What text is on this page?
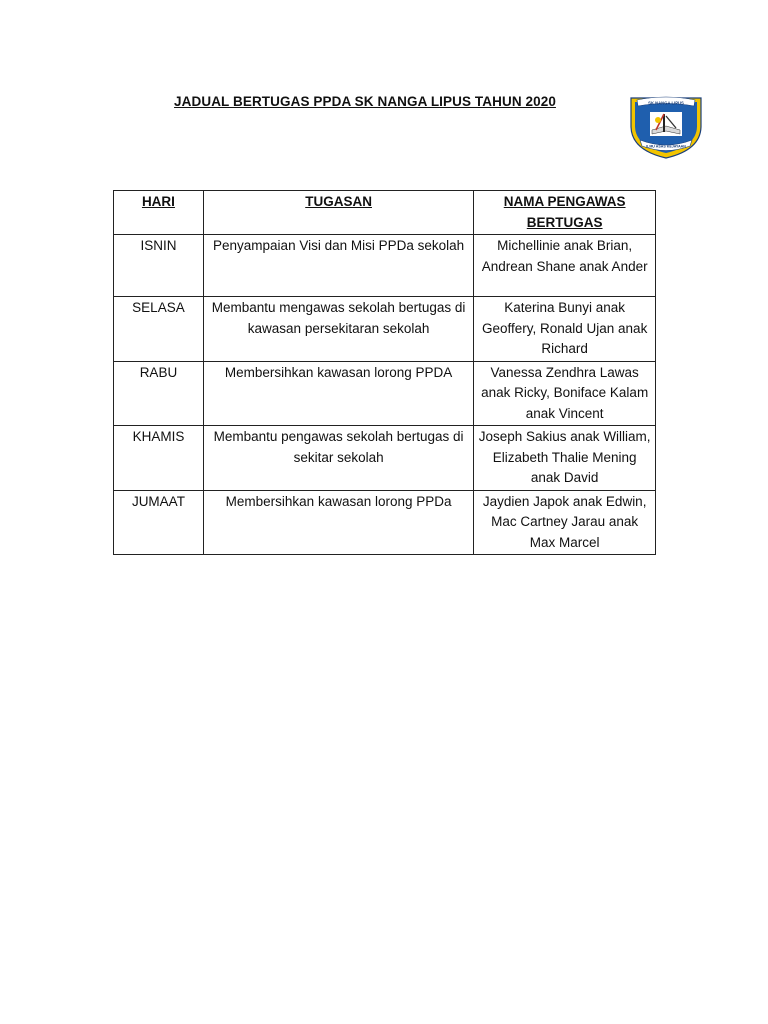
JADUAL BERTUGAS PPDA SK NANGA LIPUS TAHUN 2020	SK NANGA LIPUS
ILMU ASAS KEJAYAAN
HARI	TUGASAN	NAMA PENGAWAS BERTUGAS
ISNIN	Penyampaian Visi dan Misi PPDa sekolah	Michellinie anak Brian, Andrean Shane anak Ander
SELASA	Membantu mengawas sekolah bertugas di kawasan persekitaran sekolah	Katerina Bunyi anak Geoffery, Ronald Ujan anak Richard
RABU	Membersihkan kawasan lorong PPDA	Vanessa Zendhra Lawas anak Ricky, Boniface Kalam anak Vincent
KHAMIS	Membantu pengawas sekolah bertugas di sekitar sekolah	Joseph Sakius anak William, Elizabeth Thalie Mening anak David
JUMAAT	Membersihkan kawasan lorong PPDa	Jaydien Japok anak Edwin, Mac Cartney Jarau anak Max Marcel
